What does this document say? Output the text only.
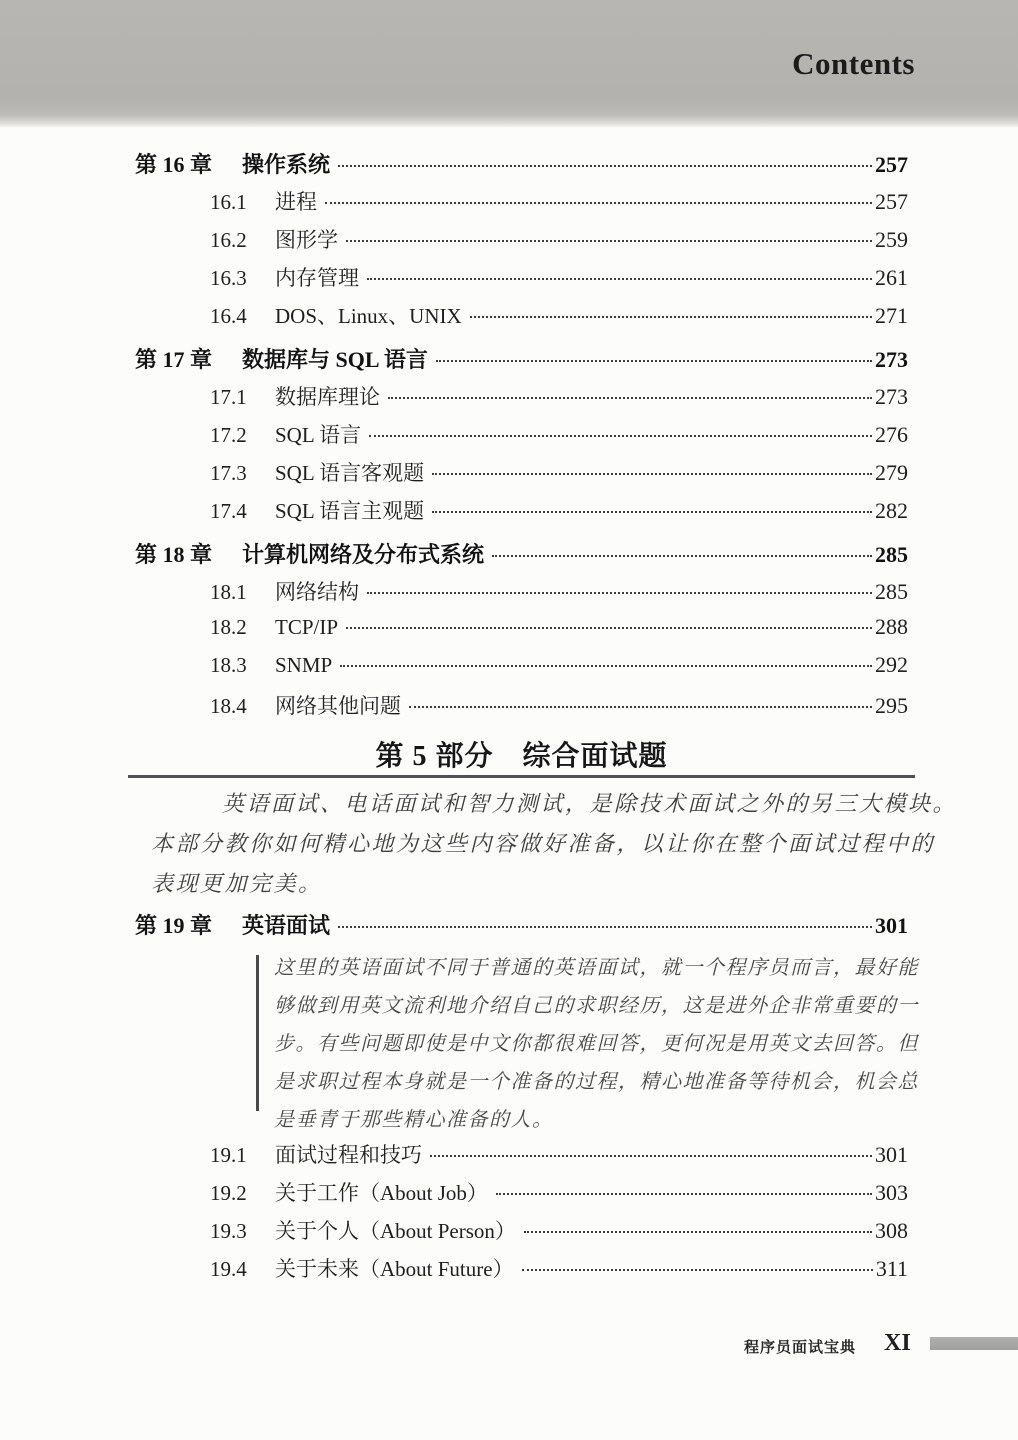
Contents
第 16 章 操作系统	257
16.1	进程	257
16.2	图形学	259
16.3	内存管理	261
16.4	DOS、Linux、UNIX	271
第 17 章 数据库与 SQL 语言	273
17.1	数据库理论	273
17.2	SQL 语言	276
17.3	SQL 语言客观题	279
17.4	SQL 语言主观题	282
第 18 章 计算机网络及分布式系统	285
18.1	网络结构	285
18.2	TCP/IP	288
18.3	SNMP	292
18.4	网络其他问题	295
第 5 部分　综合面试题
英语面试、电话面试和智力测试，是除技术面试之外的另三大模块。
本部分教你如何精心地为这些内容做好准备，以让你在整个面试过程中的
表现更加完美。
第 19 章 英语面试	301
这里的英语面试不同于普通的英语面试，就一个程序员而言，最好能
够做到用英文流利地介绍自己的求职经历，这是进外企非常重要的一
步。有些问题即使是中文你都很难回答，更何况是用英文去回答。但
是求职过程本身就是一个准备的过程，精心地准备等待机会，机会总
是垂青于那些精心准备的人。
19.1	面试过程和技巧	301
19.2	关于工作（About Job）	303
19.3	关于个人（About Person）	308
19.4	关于未来（About Future）	311
程序员面试宝典 XI
